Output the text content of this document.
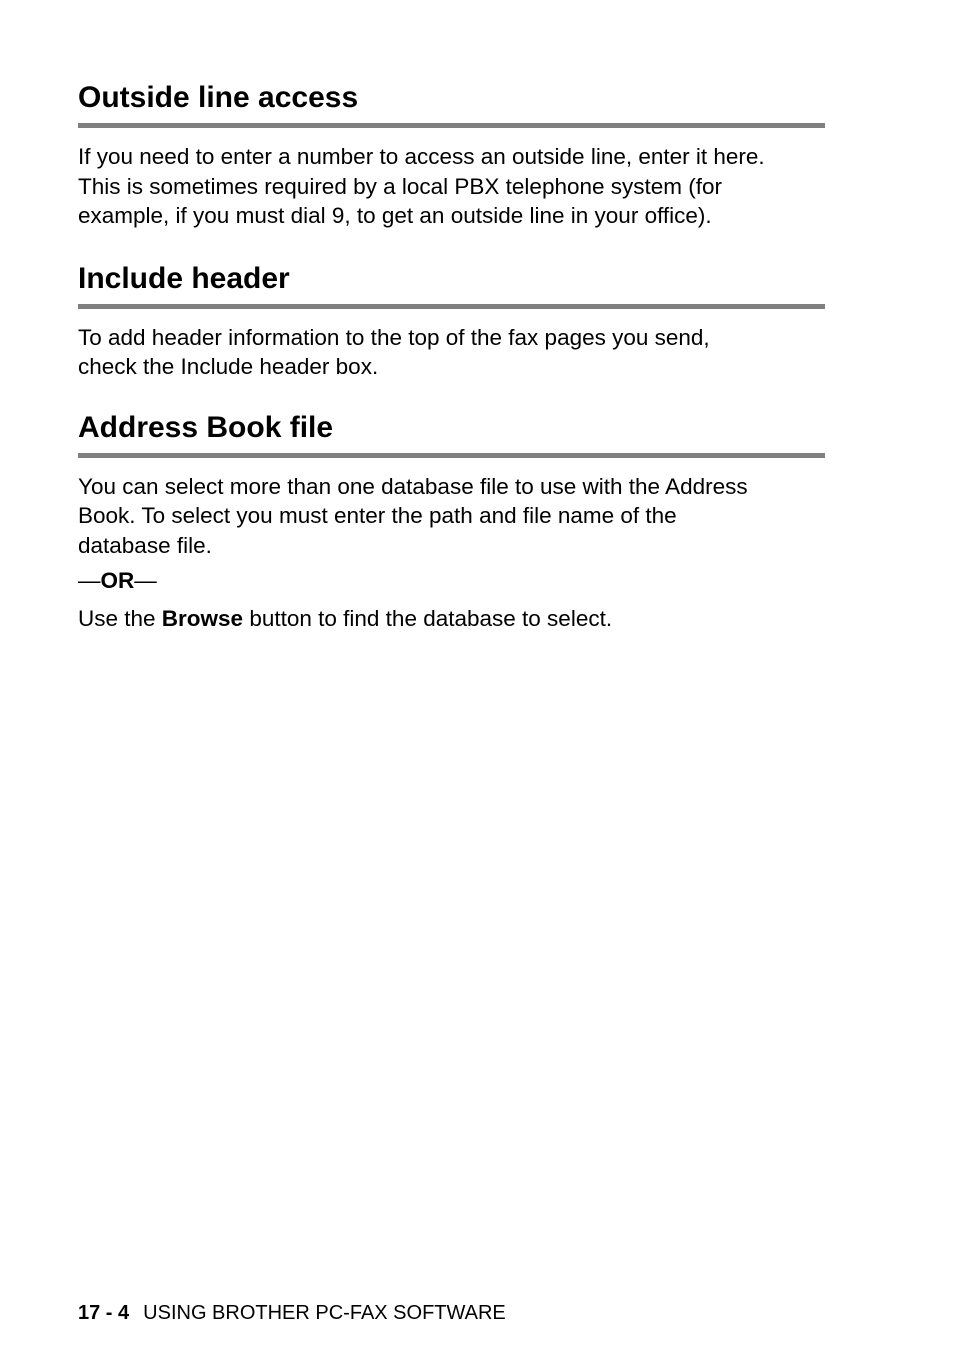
Outside line access

If you need to enter a number to access an outside line, enter it here.
This is sometimes required by a local PBX telephone system (for
example, if you must dial 9, to get an outside line in your office).

Include header

To add header information to the top of the fax pages you send,
check the Include header box.

Address Book file

You can select more than one database file to use with the Address
Book. To select you must enter the path and file name of the
database file.

—OR—

Use the Browse button to find the database to select.

17 - 4 USING BROTHER PC-FAX SOFTWARE
